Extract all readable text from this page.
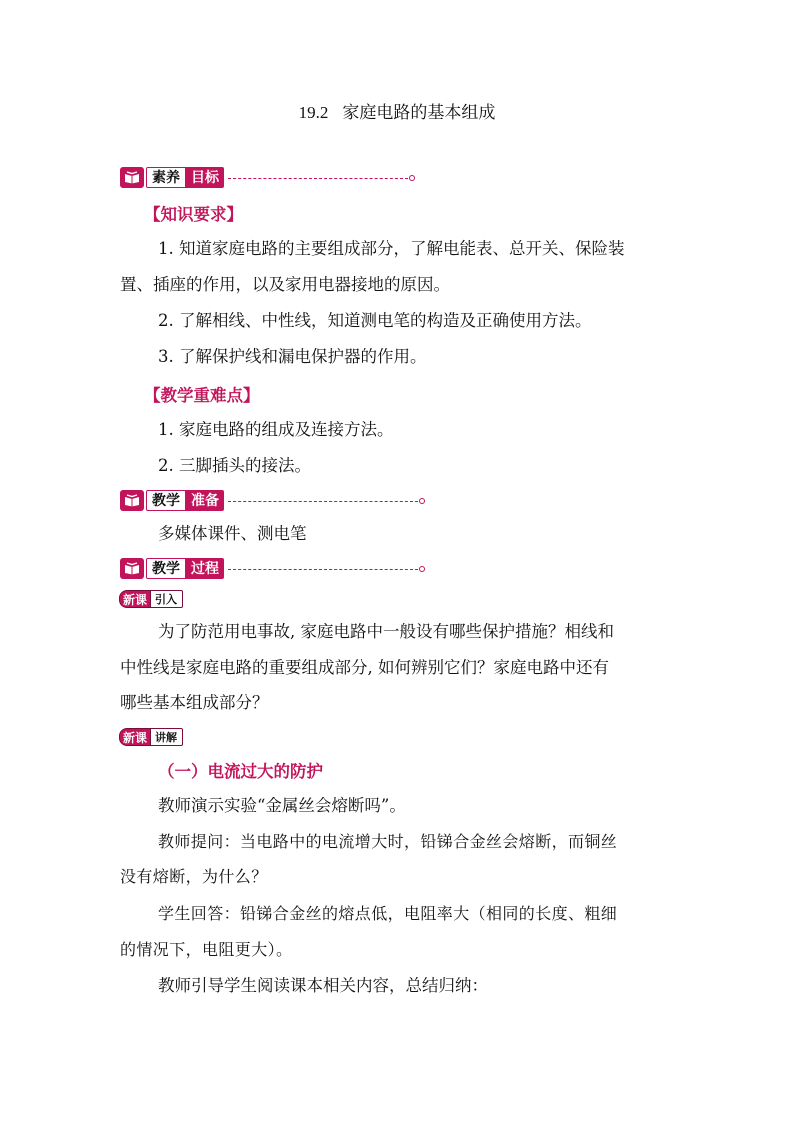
19.2 家庭电路的基本组成
素养 目标
【知识要求】
1. 知道家庭电路的主要组成部分，了解电能表、总开关、保险装
置、插座的作用，以及家用电器接地的原因。
2. 了解相线、中性线，知道测电笔的构造及正确使用方法。
3. 了解保护线和漏电保护器的作用。
【教学重难点】
1. 家庭电路的组成及连接方法。
2. 三脚插头的接法。
教学 准备
多媒体课件、测电笔
教学 过程
新课 引入
为了防范用电事故, 家庭电路中一般设有哪些保护措施？相线和
中性线是家庭电路的重要组成部分, 如何辨别它们？家庭电路中还有
哪些基本组成部分？
新课 讲解
（一）电流过大的防护
教师演示实验“金属丝会熔断吗”。
教师提问：当电路中的电流增大时，铅锑合金丝会熔断，而铜丝
没有熔断，为什么？
学生回答：铅锑合金丝的熔点低，电阻率大（相同的长度、粗细
的情况下，电阻更大）。
教师引导学生阅读课本相关内容，总结归纳：
